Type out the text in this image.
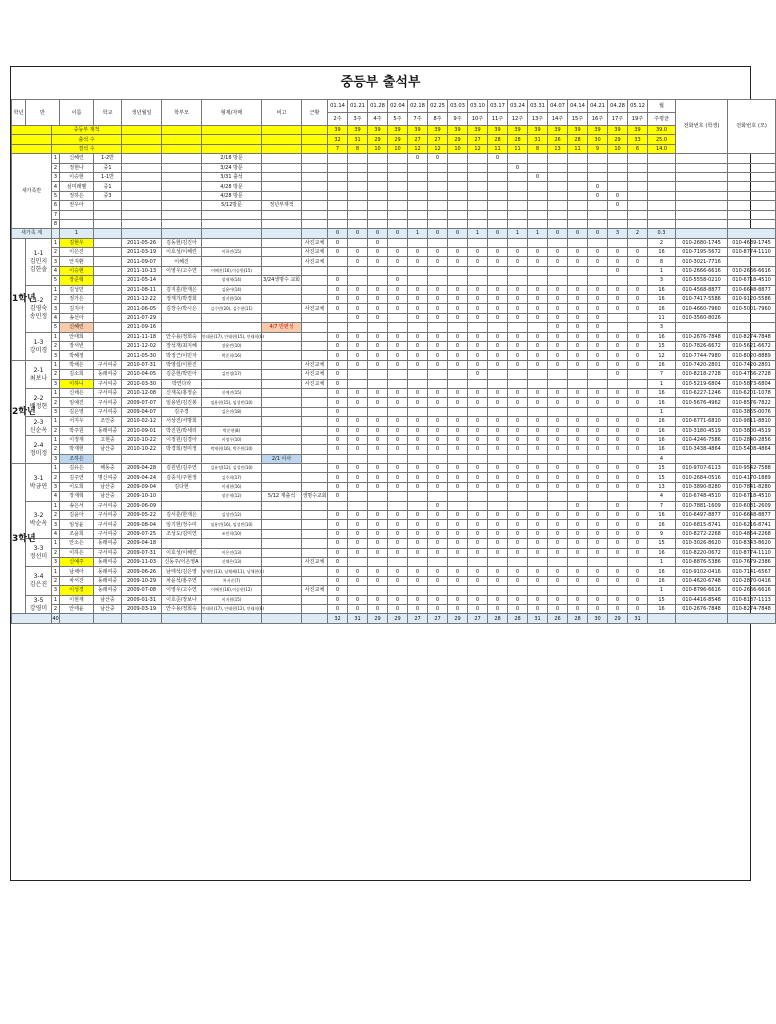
중등부 출석부
학년	반		이름	학교	생년월일	학부모	형제/자매	비고	근황	01.14	01.21	01.28	02.04	02.18	02.25	03.03	03.10	03.17	03.24	03.31	04.07	04.14	04.21	04.28	05.12	월	전화번호 (학생)	전화번호 (모)
										2주	3주	4주	5주	7주	8주	9주	10주	11주	12주	13주	14주	15주	16주	17주	19주	주평균		
		중등부 재적								39	39	39	39	39	39	39	39	39	39	39	39	39	39	39	39	39.0		
		출석 수								32	31	29	29	27	27	29	27	28	28	31	26	28	30	29	33	25.0		
		결석 수								7	8	10	10	12	12	10	12	11	11	8	13	11	9	10	6	14.0		
새가족반		1	신혜린	1-2반			2/18 방문							0	0			0										
		2	정현나	중1			3/24 방문												0									
		3	이승현	1-1반			3/31 출석													0								
		4	심미래벨	중1			4/28 방문																0					
		5	정하은	중3			4/28 방문																0	0				
		6	권우아				5/12방문	정년부재적																0				
		7																										
		8																										
새가족 계			1							0	0	0	0	1	0	0	1	0	1	1	0	0	0	3	2	0.3		
1학년	1-1
김민지 김한솔	1	김현우		2011-05-26	김동현/김진아			사진교체	0		0														2	010-2680-1745	010-4689-1745
		2	이은진		2011-03-19	이호성/이혜린	이하진(15)		사진교체	0	0	0	0	0	0	0	0	0	0	0	0	0	0	0	0	16	010-7195-5672	010-8774-1110
		3	안지환		2011-09-07	이혜진			사진교체		0	0	0	0	0	0	0	0	0	0	0	0	0	0	0	8	010-3021-7716	
		4	이승현		2011-10-13	이영우/고수연	이혜진(16),이승원(15)																	0		1	010-2666-6616	010-2666-6616
		5	장준혁		2011-05-14		장재혁(14)	3/24생명수 교회		0			0													3	010-5558-0210	010-6718-4510

	1-2
김영숙 송민정	1	김성민		2011-08-11	김지훈/한재은	김윤아(14)			0	0	0	0	0	0	0	0	0	0	0	0	0	0	0	0	16	010-4568-8877	010-6648-8877
		2	정가은		2011-12-22	정재기/박경희	정지원(10)			0	0	0	0	0	0	0	0	0	0	0	0	0	0	0	0	16	010-7417-5586	010-9120-5586
		3	김지아		2011-06-05	김장수/박시은	김수빈(20), 김수현(11)		사진교체	0	0	0	0	0	0	0	0	0	0	0	0	0	0	0	0	16	010-4660-7960	010-5001-7960
		4	송선아		2011-07-29						0	0		0	0	0	0	0	0	0	0	0	0			11	010-3560-8026	
		5	신혜린		2011-09-16			4/7 반편성													0	0	0			3		

	1-3
강미경	1	안태희		2011-11-18	안수용/정희숙	안태윤(17), 안태현(15), 안태희(8)			0	0	0	0	0	0	0	0	0	0	0	0	0	0	0	0	16	010-2676-7848	010-8274-7848
		2	장서빈		2011-12-02	장석재/최지혜	장윤빈(10)			0	0	0	0	0	0	0	0	0	0	0	0	0	0	0	0	15	010-7826-6672	010-5621-6672
		3	박혜정		2011-05-30	박정근/이민자	박준희(16)			0	0	0	0	0	0	0	0	0	0	0	0	0	0	0	0	12	010-7744-7980	010-8020-8889
2학년	2-1
최보나	1	박채은	구서여중	2010-07-31	박영섭/이현진			사진교체	0	0	0	0	0	0	0	0	0	0	0	0	0	0	0	0	16	010-7420-2801	010-7420-2801
		2	김소희	동래여중	2010-04-05	김준현/박민아	김민정(17)		사진교체	0							0							0		7	010-8218-2728	010-4766-2728
		3	이하니	구서여중	2010-03-30	박연다라			사진교체	0																1	010-5219-6804	010-5873-6804

	2-2
백정현	1	신채은	구서여중	2010-12-08	신재욱/홍정순	신예진(15)			0	0	0	0	0	0	0	0	0	0	0	0	0	0	0	0	16	010-6227-1246	010-6201-1078
		2	임예진	구서여중	2009-07-07	임용빈/김진봉	임용현(15), 임성빈(10)			0	0	0	0	0	0	0	0	0	0	0	0	0	0	0	0	16	010-5676-4962	010-8576-7822
		3	김은영	구서여중	2009-04-07	김주경	김은진(18)			0																1		010-3865-0076

	2-3
신순옥	1	서지우	조인중	2010-02-12	서상진/서명희				0	0	0	0	0	0	0	0	0	0	0	0	0	0	0	0	16	010-6771-6810	010-9811-8810
		2	박주원	동래여중	2010-09-01	박진원/박세리	박준현(8)			0	0	0	0	0	0	0	0	0	0	0	0	0	0	0	0	16	010-3180-4519	010-3800-4519

	2-4
정미정	1	이정재	고현중	2010-10-22	이정원/김경아	이정우(10)			0	0	0	0	0	0	0	0	0	0	0	0	0	0	0	0	16	010-4246-7586	010-2840-2856
		2	박재현	남산중	2010-10-22	박경희/정미정	박재현(16), 박주원(10)			0	0	0	0	0	0	0	0	0	0	0	0	0	0	0	0	16	010-3438-4864	010-5408-4864
		3	조하은					2/1 이사																		4		
3학년	3-1
박금연	1	김유은	해동중	2009-04-28	김원빈/김주연	김유정(12), 김성민(10)			0	0	0	0	0	0	0	0	0	0	0	0	0	0	0	0	15	010-9707-6113	010-9542-7588
		2	김주연	명신여중	2009-04-24	김종식/주현정	김주희(17)			0	0	0	0	0	0	0	0	0	0	0	0	0	0	0	0	15	010-2684-0516	010-4170-1889
		3	이도희	남산중	2009-09-04	김다현	이재현(16)			0	0	0	0	0	0	0	0	0	0	0	0	0	0	0	0	13	010-3890-8280	010-7841-8280
		4	장재혁	남산중	2009-10-10		장준혁(12)	5/12 재출석	생명수교회	0																4	010-6748-4510	010-6718-4510

	3-2
박순옥	1	송은서	구서여중	2009-06-09										0							0		0		7	010-7881-1609	010-6031-2609
		2	김윤아	구서여중	2009-05-22	김서훈/한재은	김성민(12)			0	0	0	0	0	0	0	0	0	0	0	0	0	0	0	0	16	010-6497-8877	010-6648-8877
		3	임성윤	구서여중	2009-08-04	임기현/정수미	임용빈(16), 임성빈(10)			0	0	0	0	0	0	0	0	0	0	0	0	0	0	0	0	16	010-6815-8741	010-6216-8741
		4	조윤희	구서여중	2009-07-25	조성도/김미연	조민희(10)			0	0	0	0	0	0	0	0	0	0	0	0	0	0	0	0	9	010-8272-2268	010-4864-2268

	3-3
정선미	1	안소은	동래여중	2009-04-18					0	0	0	0	0	0	0	0	0	0	0	0	0	0	0	0	15	010-3026-8620	010-8343-8620
		2	이하은	구서여중	2009-07-31	이호성/이혜린	이은진(13)			0	0	0	0	0	0	0	0	0	0	0	0	0	0	0	0	16	010-8220-0672	010-8774-1110
		3	신예주	동래여중	2009-11-03	신동주/이은영A	신채은(13)		사진교체	0																1	010-8876-5386	010-7679-2386

	3-4
김은진	1	남채아	동래여중	2009-06-26	남태석/김은영	남채인(13), 남채혜(11), 남채현(4)			0	0	0	0	0	0	0	0	0	0	0	0	0	0	0	0	16	010-9102-0416	010-7141-6567
		2	차서진	동래여중	2009-10-29	차윤석/홍주연	차서준(7)			0	0	0	0	0	0	0	0	0	0	0	0	0	0	0	0	16	010-4620-6748	010-2870-0416
		3	이성경	동래여중	2009-07-08	이영우/고수연	이혜진(16),이승현(12)		사진교체	0																1	010-8796-6616	010-2666-6616

	3-5
강영미	1	이현재	남산중	2009-01-31	이호준/장보나	이지원(15)			0	0	0	0	0	0	0	0	0	0	0	0	0	0	0	0	15	010-4416-8548	010-8187-1113
		2	안태윤	남산중	2009-03-19	안수용/정희숙	안태희(17), 안태현(12), 안태희(8)			0	0	0	0	0	0	0	0	0	0	0	0	0	0	0	0	16	010-2676-7848	010-8274-7848
		40								32	31	29	29	27	27	29	27	28	28	31	26	28	30	29	31			
